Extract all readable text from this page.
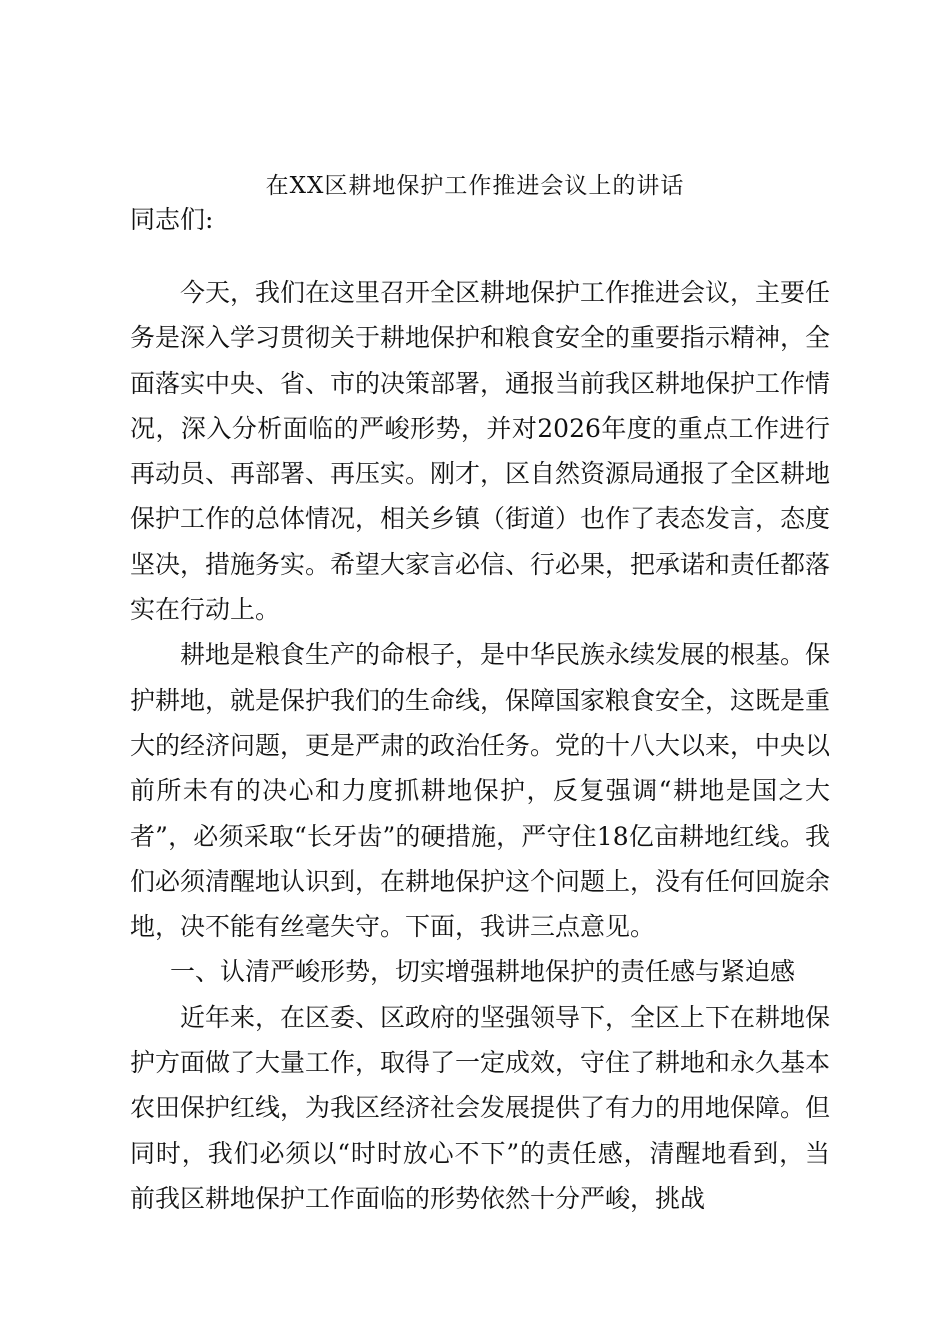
在XX区耕地保护工作推进会议上的讲话
同志们:

今天，我们在这里召开全区耕地保护工作推进会议，主要任务是深入学习贯彻关于耕地保护和粮食安全的重要指示精神，全面落实中央、省、市的决策部署，通报当前我区耕地保护工作情况，深入分析面临的严峻形势，并对2026年度的重点工作进行再动员、再部署、再压实。刚才，区自然资源局通报了全区耕地保护工作的总体情况，相关乡镇（街道）也作了表态发言，态度坚决，措施务实。希望大家言必信、行必果，把承诺和责任都落实在行动上。

耕地是粮食生产的命根子，是中华民族永续发展的根基。保护耕地，就是保护我们的生命线，保障国家粮食安全，这既是重大的经济问题，更是严肃的政治任务。党的十八大以来，中央以前所未有的决心和力度抓耕地保护，反复强调“耕地是国之大者”，必须采取“长牙齿”的硬措施，严守住18亿亩耕地红线。我们必须清醒地认识到，在耕地保护这个问题上，没有任何回旋余地，决不能有丝毫失守。下面，我讲三点意见。

一、认清严峻形势，切实增强耕地保护的责任感与紧迫感

近年来，在区委、区政府的坚强领导下，全区上下在耕地保护方面做了大量工作，取得了一定成效，守住了耕地和永久基本农田保护红线，为我区经济社会发展提供了有力的用地保障。但同时，我们必须以“时时放心不下”的责任感，清醒地看到，当前我区耕地保护工作面临的形势依然十分严峻，挑战
